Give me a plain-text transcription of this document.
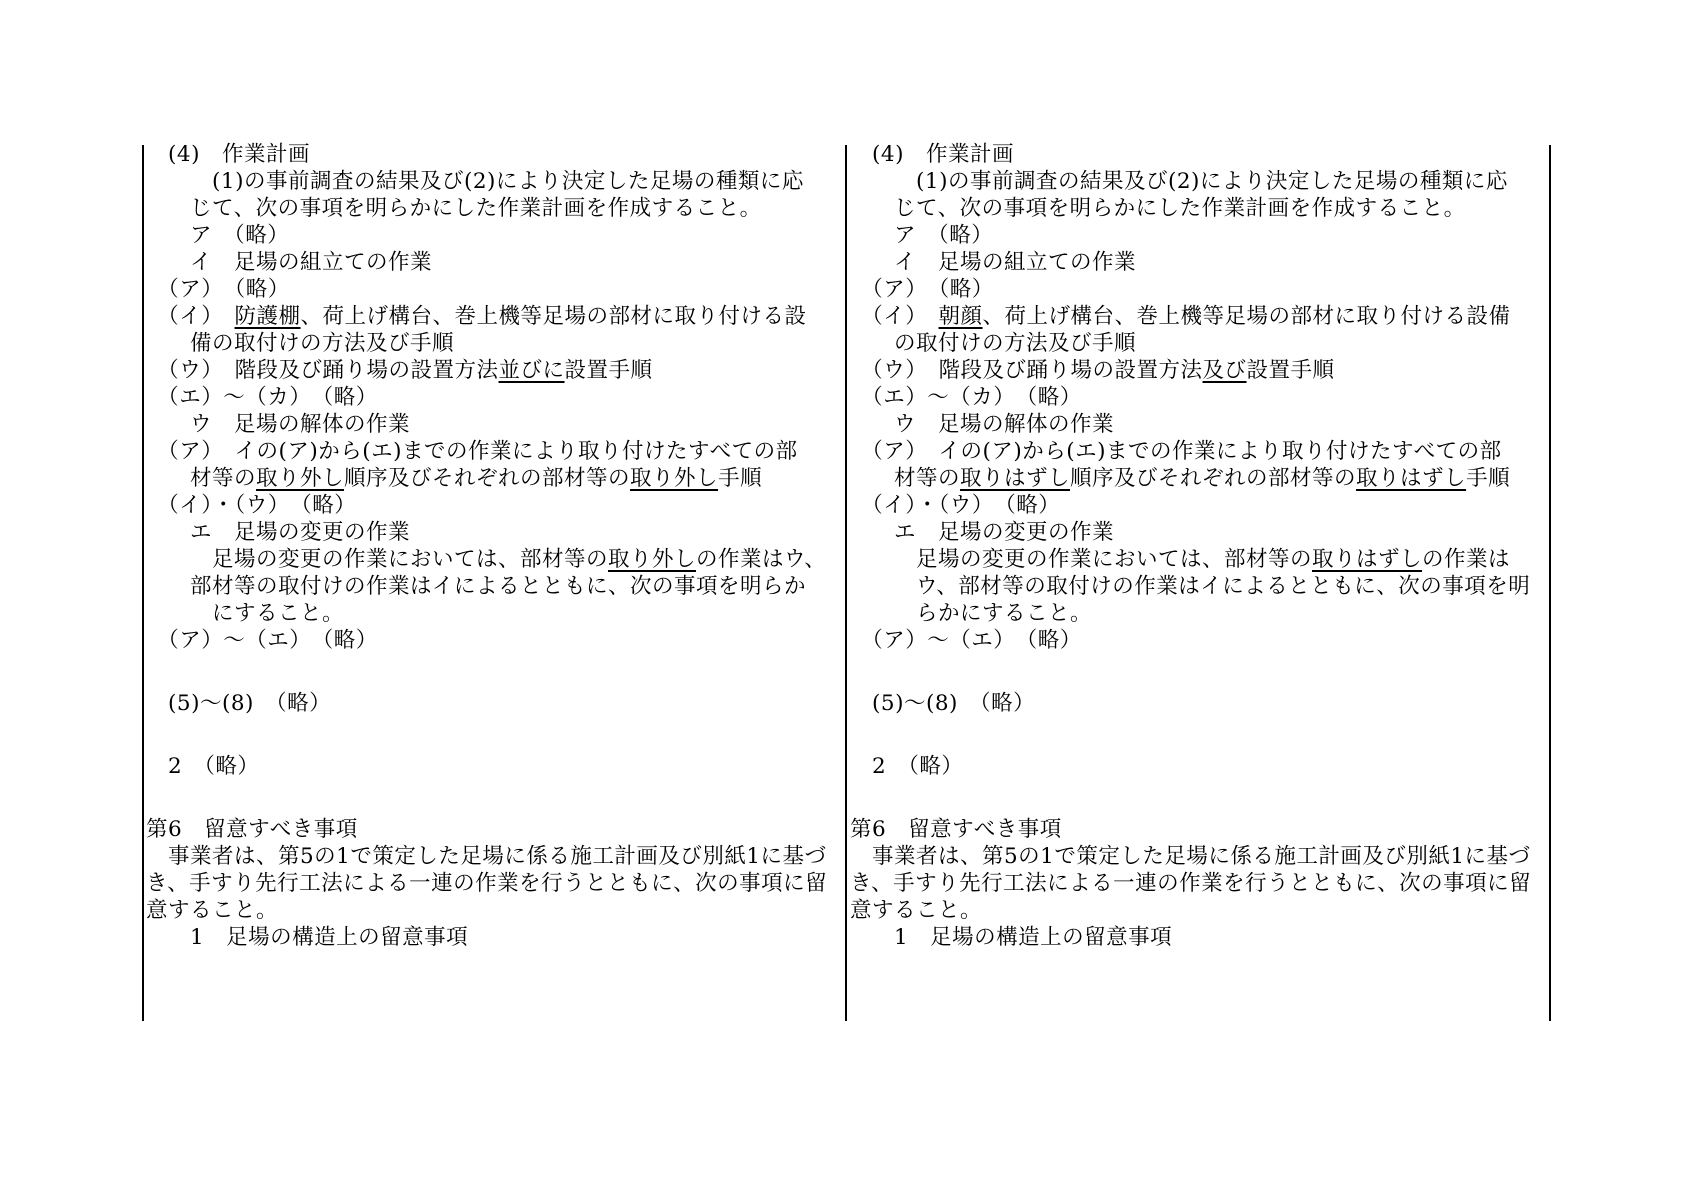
　(4)　作業計画
　　　(1)の事前調査の結果及び(2)により決定した足場の種類に応
　　じて、次の事項を明らかにした作業計画を作成すること。
　　ア　（略）
　　イ　足場の組立ての作業
　（ア）　（略）
　（イ）　防護棚、荷上げ構台、巻上機等足場の部材に取り付ける設
　　備の取付けの方法及び手順
　（ウ）　階段及び踊り場の設置方法並びに設置手順
　（エ）～（カ）　（略）
　　ウ　足場の解体の作業
　（ア）　イの(ア)から(エ)までの作業により取り付けたすべての部
　　材等の取り外し順序及びそれぞれの部材等の取り外し手順
　（イ）・（ウ）　（略）
　　エ　足場の変更の作業
　　　足場の変更の作業においては、部材等の取り外しの作業はウ、
　　部材等の取付けの作業はイによるとともに、次の事項を明らか
　　　にすること。
　（ア）～（エ）　（略）
　(5)～(8)　（略）
　2　（略）
第6　留意すべき事項
　事業者は、第5の1で策定した足場に係る施工計画及び別紙1に基づ
き、手すり先行工法による一連の作業を行うとともに、次の事項に留
意すること。
　　1　足場の構造上の留意事項
　(4)　作業計画
　　　(1)の事前調査の結果及び(2)により決定した足場の種類に応
　　じて、次の事項を明らかにした作業計画を作成すること。
　　ア　（略）
　　イ　足場の組立ての作業
　（ア）　（略）
　（イ）　朝顔、荷上げ構台、巻上機等足場の部材に取り付ける設備
　　の取付けの方法及び手順
　（ウ）　階段及び踊り場の設置方法及び設置手順
　（エ）～（カ）　（略）
　　ウ　足場の解体の作業
　（ア）　イの(ア)から(エ)までの作業により取り付けたすべての部
　　材等の取りはずし順序及びそれぞれの部材等の取りはずし手順
　（イ）・（ウ）　（略）
　　エ　足場の変更の作業
　　　足場の変更の作業においては、部材等の取りはずしの作業は
　　　ウ、部材等の取付けの作業はイによるとともに、次の事項を明
　　　らかにすること。
　（ア）～（エ）　（略）
　(5)～(8)　（略）
　2　（略）
第6　留意すべき事項
　事業者は、第5の1で策定した足場に係る施工計画及び別紙1に基づ
き、手すり先行工法による一連の作業を行うとともに、次の事項に留
意すること。
　　1　足場の構造上の留意事項
